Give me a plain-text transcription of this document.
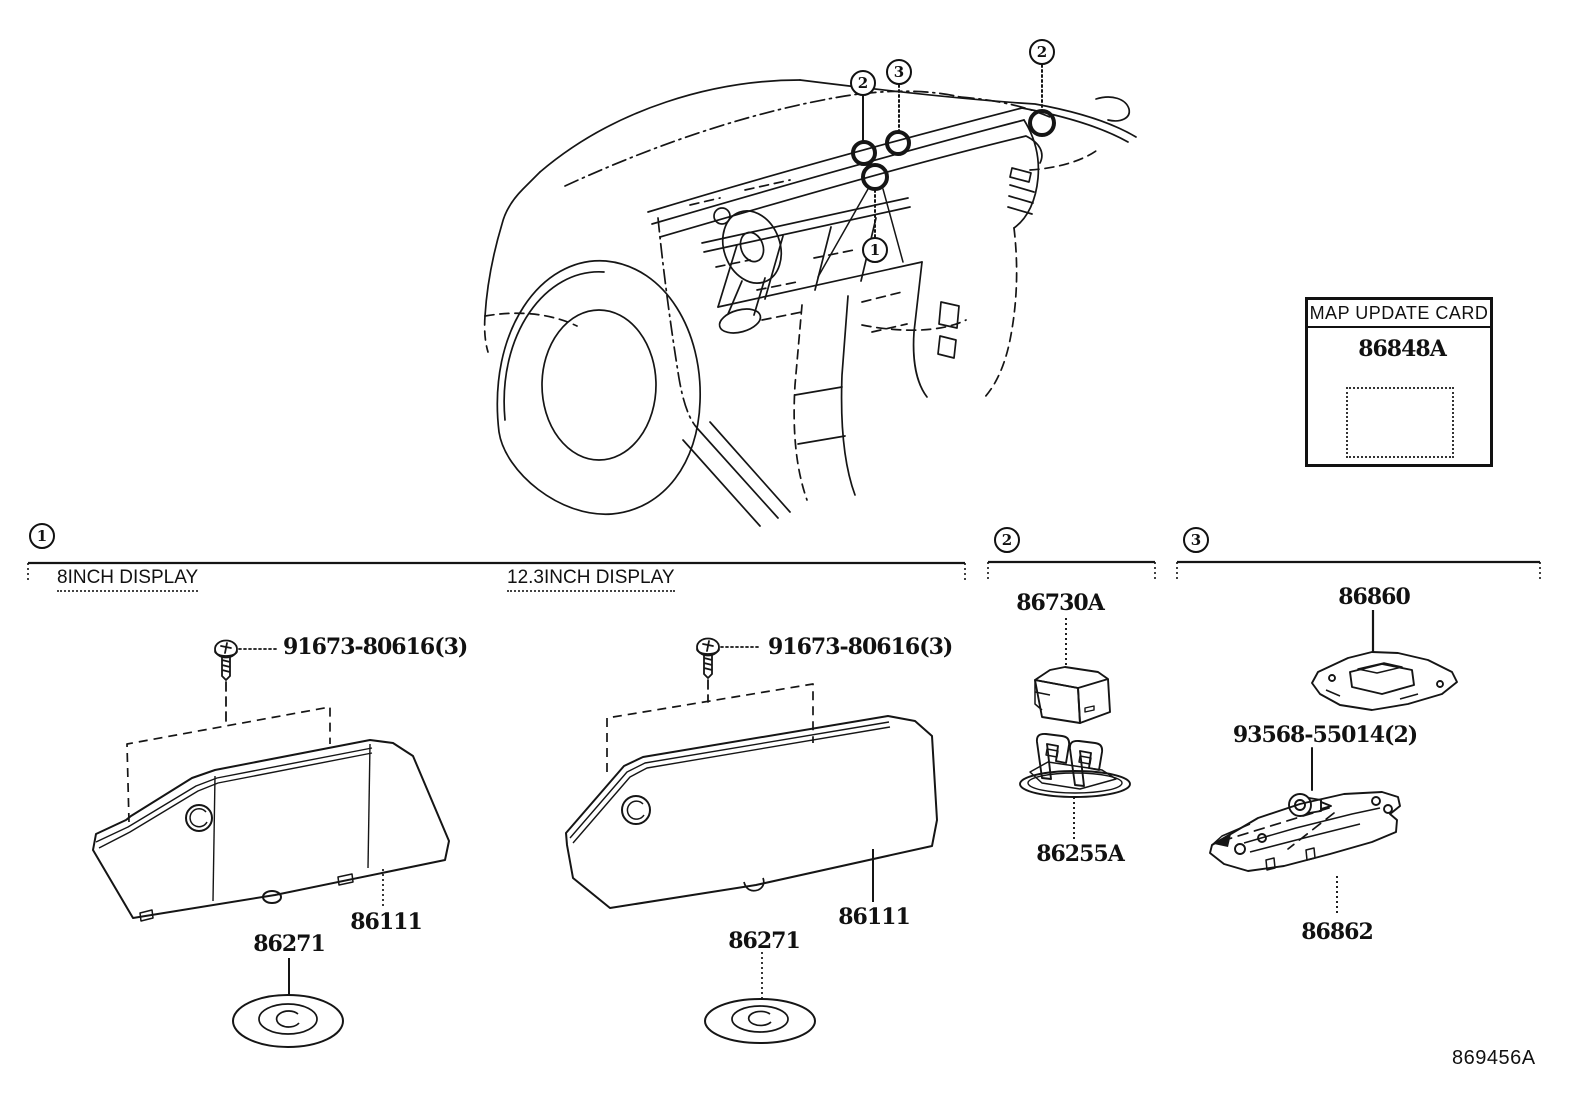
2
3
2
1
1	2	3
8INCH DISPLAY	12.3INCH DISPLAY
91673-80616(3)	91673-80616(3)
86111
86271
86111
86271
86730A
86255A
86860
93568-55014(2)
86862
MAP UPDATE CARD
86848A
869456A
